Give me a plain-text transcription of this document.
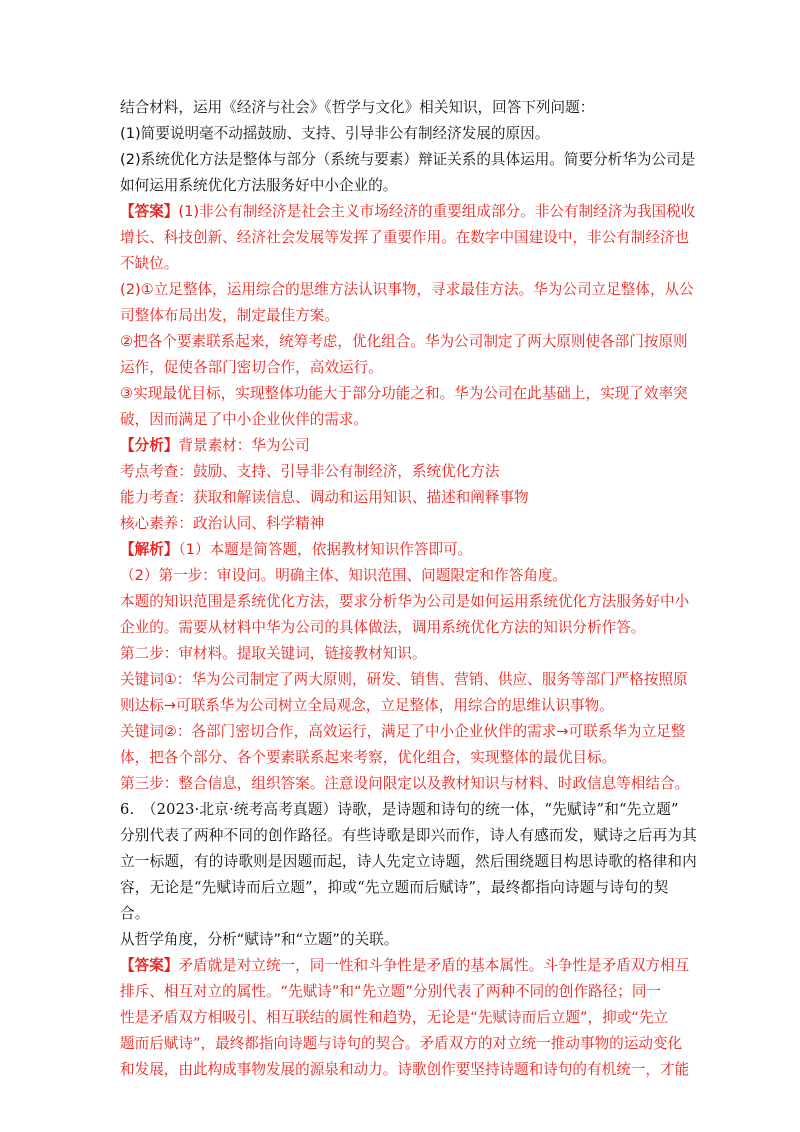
结合材料，运用《经济与社会》《哲学与文化》相关知识，回答下列问题：
(1)简要说明毫不动摇鼓励、支持、引导非公有制经济发展的原因。
(2)系统优化方法是整体与部分（系统与要素）辩证关系的具体运用。简要分析华为公司是
如何运用系统优化方法服务好中小企业的。
【答案】(1)非公有制经济是社会主义市场经济的重要组成部分。非公有制经济为我国税收
增长、科技创新、经济社会发展等发挥了重要作用。在数字中国建设中，非公有制经济也
不缺位。
(2)①立足整体，运用综合的思维方法认识事物，寻求最佳方法。华为公司立足整体，从公
司整体布局出发，制定最佳方案。
②把各个要素联系起来，统筹考虑，优化组合。华为公司制定了两大原则使各部门按原则
运作，促使各部门密切合作，高效运行。
③实现最优目标，实现整体功能大于部分功能之和。华为公司在此基础上，实现了效率突
破，因而满足了中小企业伙伴的需求。
【分析】背景素材：华为公司
考点考查：鼓励、支持、引导非公有制经济，系统优化方法
能力考查：获取和解读信息、调动和运用知识、描述和阐释事物
核心素养：政治认同、科学精神
【解析】（1）本题是简答题，依据教材知识作答即可。
（2）第一步：审设问。明确主体、知识范围、问题限定和作答角度。
本题的知识范围是系统优化方法，要求分析华为公司是如何运用系统优化方法服务好中小
企业的。需要从材料中华为公司的具体做法，调用系统优化方法的知识分析作答。
第二步：审材料。提取关键词，链接教材知识。
关键词①：华为公司制定了两大原则，研发、销售、营销、供应、服务等部门严格按照原
则达标→可联系华为公司树立全局观念，立足整体，用综合的思维认识事物。
关键词②：各部门密切合作，高效运行，满足了中小企业伙伴的需求→可联系华为立足整
体，把各个部分、各个要素联系起来考察，优化组合，实现整体的最优目标。
第三步：整合信息，组织答案。注意设问限定以及教材知识与材料、时政信息等相结合。
6.　（2023·北京·统考高考真题）诗歌，是诗题和诗句的统一体，“先赋诗”和“先立题”
分别代表了两种不同的创作路径。有些诗歌是即兴而作，诗人有感而发，赋诗之后再为其
立一标题，有的诗歌则是因题而起，诗人先定立诗题，然后围绕题目构思诗歌的格律和内
容，无论是“先赋诗而后立题”，抑或“先立题而后赋诗”，最终都指向诗题与诗句的契
合。
从哲学角度，分析“赋诗”和“立题”的关联。
【答案】矛盾就是对立统一，同一性和斗争性是矛盾的基本属性。斗争性是矛盾双方相互
排斥、相互对立的属性。“先赋诗”和“先立题”分别代表了两种不同的创作路径；同一
性是矛盾双方相吸引、相互联结的属性和趋势，无论是“先赋诗而后立题”，抑或“先立
题而后赋诗”，最终都指向诗题与诗句的契合。矛盾双方的对立统一推动事物的运动变化
和发展，由此构成事物发展的源泉和动力。诗歌创作要坚持诗题和诗句的有机统一，才能
